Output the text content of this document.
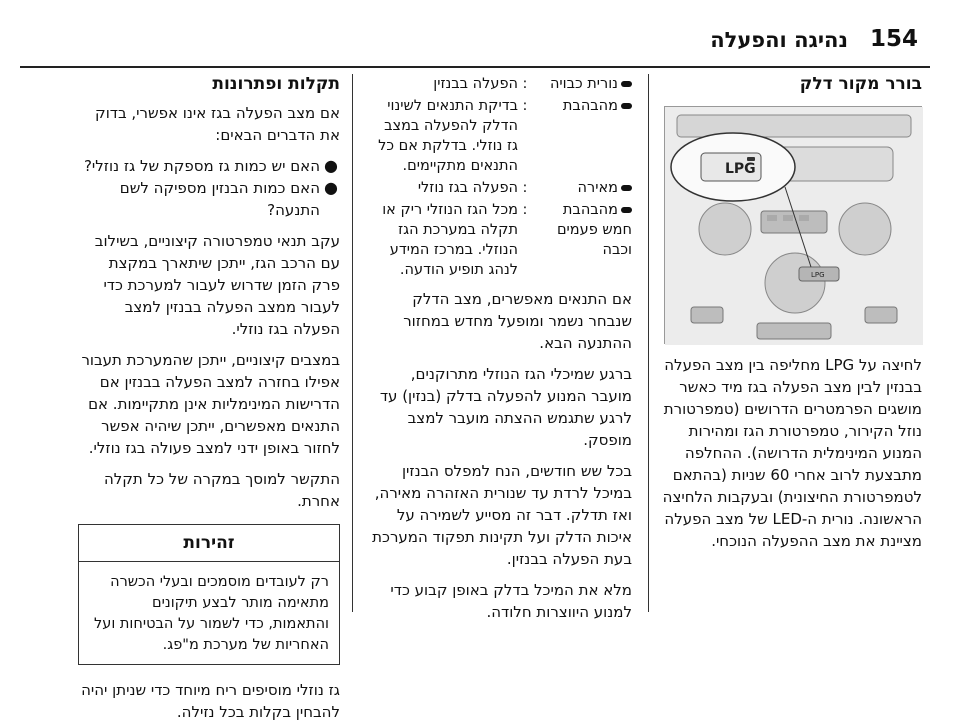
154
נהיגה והפעלה
בורר מקור דלק
LPG
LPG

לחיצה על LPG מחליפה בין מצב הפעלה בבנזין לבין מצב הפעלה בגז מיד כאשר מושגים הפרמטרים הדרושים (טמפרטורת נוזל הקירור, טמפרטורת הגז ומהירות המנוע המינימלית הדרושה). ההחלפה מתבצעת לרוב אחרי 60 שניות (בהתאם לטמפרטורת החיצונית) ובעקבות הלחיצה הראשונה. נורית ה-LED של מצב הפעלה מציינת את מצב ההפעלה הנוכחי.

נורית כבויה
:
הפעלה בבנזין
מהבהבת
:
בדיקת התנאים לשינוי הדלק להפעלה במצב גז נוזלי. בדלקת אם כל התנאים מתקיימים.
מאירה
:
הפעלה בגז נוזלי
מהבהבת חמש פעמים וכבה
:
מכל הגז הנוזלי ריק או תקלה במערכת הגז הנוזלי. במרכז המידע לנהג תופיע הודעה.

אם התנאים מאפשרים, מצב הדלק שנבחר נשמר ומופעל מחדש במחזור ההתנעה הבא.

ברגע שמיכלי הגז הנוזלי מתרוקנים, מועבר המנוע להפעלה בדלק (בנזין) עד לרגע שתגמש ההצתה מועבר למצב מופסק.

בכל שש חודשים, הנח למפלס הבנזין במיכל לרדת עד שנורית האזהרה מאירה, ואז תדלק. דבר זה מסייע לשמירה על איכות הדלק ועל תקינות תפקוד המערכת בעת הפעלה בבנזין.

מלא את המיכל בדלק באופן קבוע כדי למנוע היווצרות חלודה.

תקלות ופתרונות

אם מצב הפעלה בגז אינו אפשרי, בדוק את הדברים הבאים:

●
האם יש כמות גז מספקת של גז נוזלי?
●
האם כמות הבנזין מספיקה לשם התנעה?

עקב תנאי טמפרטורה קיצוניים, בשילוב עם הרכב הגז, ייתכן שיתארך במקצת פרק הזמן שדרוש לעבור למערכת כדי לעבור ממצב הפעלה בבנזין למצב הפעלה בגז נוזלי.

במצבים קיצוניים, ייתכן שהמערכת תעבור אפילו בחזרה למצב הפעלה בבנזין אם הדרישות המינימליות אינן מתקיימות. אם התנאים מאפשרים, ייתכן שיהיה אפשר לחזור באופן ידני למצב פעולה בגז נוזלי.

התקשר למוסך במקרה של כל תקלה אחרת.

זהירות
רק לעובדים מוסמכים ובעלי הכשרה מתאימה מותר לבצע תיקונים והתאמות, כדי לשמור על הבטיחות ועל האחריות של מערכת מ"פג.

גז נוזלי מוסיפים ריח מיוחד כדי שניתן יהיה להבחין בקלות בכל נזילה.
